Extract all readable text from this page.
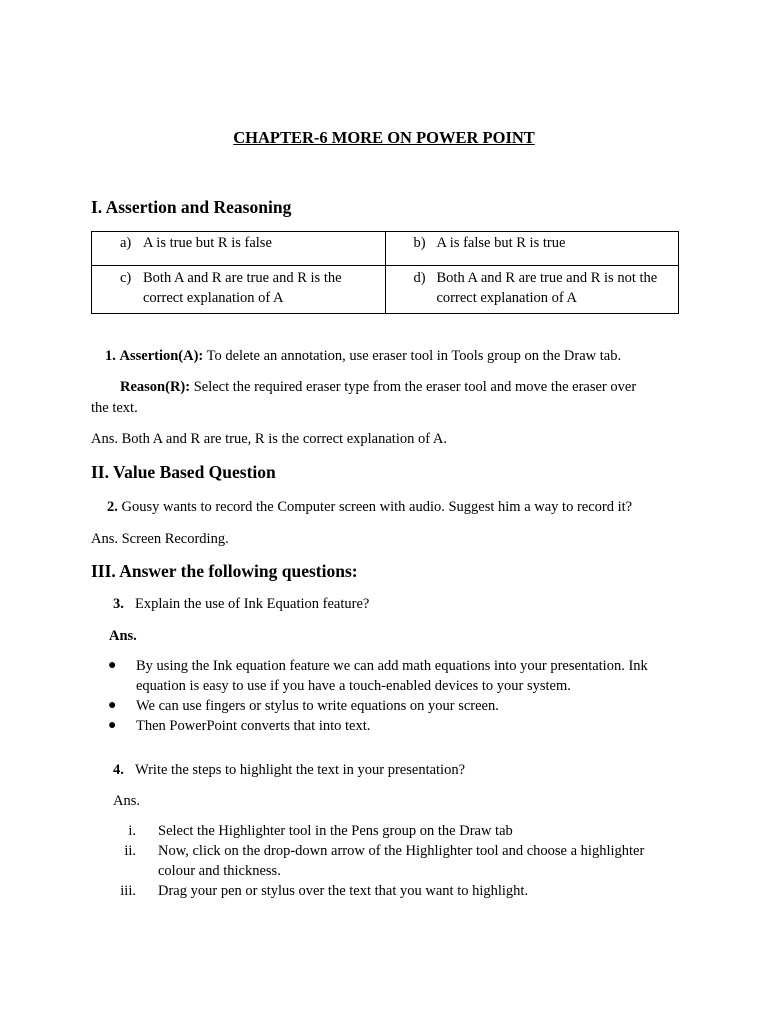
CHAPTER-6 MORE ON POWER POINT
I. Assertion and Reasoning
a) A is true but R is false	b) A is false but R is true

c) Both A and R are true and R is the correct explanation of A	d) Both A and R are true and R is not the correct explanation of A
1. Assertion(A): To delete an annotation, use eraser tool in Tools group on the Draw tab.
Reason(R): Select the required eraser type from the eraser tool and move the eraser over
the text.
Ans. Both A and R are true, R is the correct explanation of A.
II. Value Based Question
2. Gousy wants to record the Computer screen with audio. Suggest him a way to record it?
Ans. Screen Recording.
III. Answer the following questions:
3. Explain the use of Ink Equation feature?
Ans.
●	By using the Ink equation feature we can add math equations into your presentation. Ink equation is easy to use if you have a touch-enabled devices to your system.
●	We can use fingers or stylus to write equations on your screen.
●	Then PowerPoint converts that into text.
4. Write the steps to highlight the text in your presentation?
Ans.
i.	Select the Highlighter tool in the Pens group on the Draw tab
ii.	Now, click on the drop-down arrow of the Highlighter tool and choose a highlighter colour and thickness.
iii.	Drag your pen or stylus over the text that you want to highlight.
